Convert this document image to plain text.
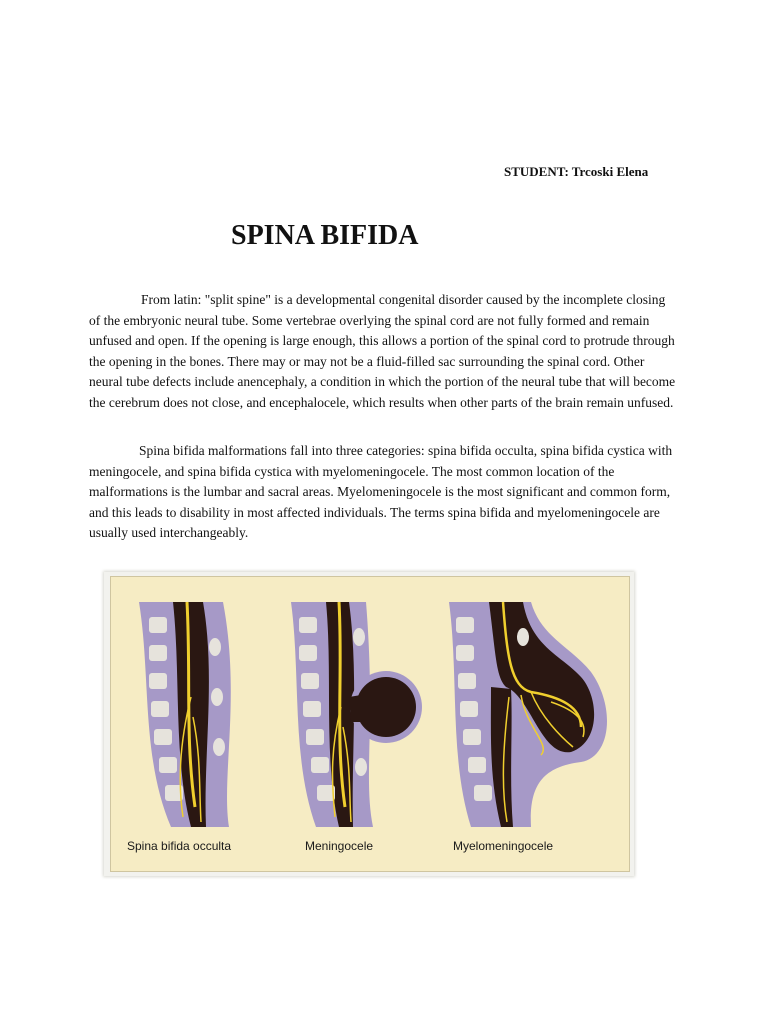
STUDENT: Trcoski Elena
SPINA BIFIDA

From latin: "split spine" is a developmental congenital disorder caused by the incomplete closing of the embryonic neural tube. Some vertebrae overlying the spinal cord are not fully formed and remain unfused and open. If the opening is large enough, this allows a portion of the spinal cord to protrude through the opening in the bones. There may or may not be a fluid-filled sac surrounding the spinal cord. Other neural tube defects include anencephaly, a condition in which the portion of the neural tube that will become the cerebrum does not close, and encephalocele, which results when other parts of the brain remain unfused.

Spina bifida malformations fall into three categories: spina bifida occulta, spina bifida cystica with meningocele, and spina bifida cystica with myelomeningocele. The most common location of the malformations is the lumbar and sacral areas. Myelomeningocele is the most significant and common form, and this leads to disability in most affected individuals. The terms spina bifida and myelomeningocele are usually used interchangeably.

Spina bifida occulta	Meningocele	Myelomeningocele
